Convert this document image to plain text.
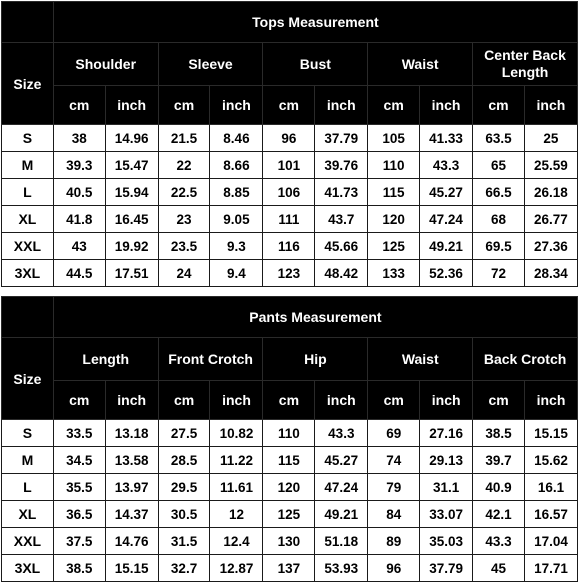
	Tops Measurement									
Size	Shoulder		Sleeve		Bust		Waist		Center Back Length	
	cm	inch	cm	inch	cm	inch	cm	inch	cm	inch
S	38	14.96	21.5	8.46	96	37.79	105	41.33	63.5	25
M	39.3	15.47	22	8.66	101	39.76	110	43.3	65	25.59
L	40.5	15.94	22.5	8.85	106	41.73	115	45.27	66.5	26.18
XL	41.8	16.45	23	9.05	111	43.7	120	47.24	68	26.77
XXL	43	19.92	23.5	9.3	116	45.66	125	49.21	69.5	27.36
3XL	44.5	17.51	24	9.4	123	48.42	133	52.36	72	28.34
	Pants Measurement									
Size	Length		Front Crotch		Hip		Waist		Back Crotch	
	cm	inch	cm	inch	cm	inch	cm	inch	cm	inch
S	33.5	13.18	27.5	10.82	110	43.3	69	27.16	38.5	15.15
M	34.5	13.58	28.5	11.22	115	45.27	74	29.13	39.7	15.62
L	35.5	13.97	29.5	11.61	120	47.24	79	31.1	40.9	16.1
XL	36.5	14.37	30.5	12	125	49.21	84	33.07	42.1	16.57
XXL	37.5	14.76	31.5	12.4	130	51.18	89	35.03	43.3	17.04
3XL	38.5	15.15	32.7	12.87	137	53.93	96	37.79	45	17.71
